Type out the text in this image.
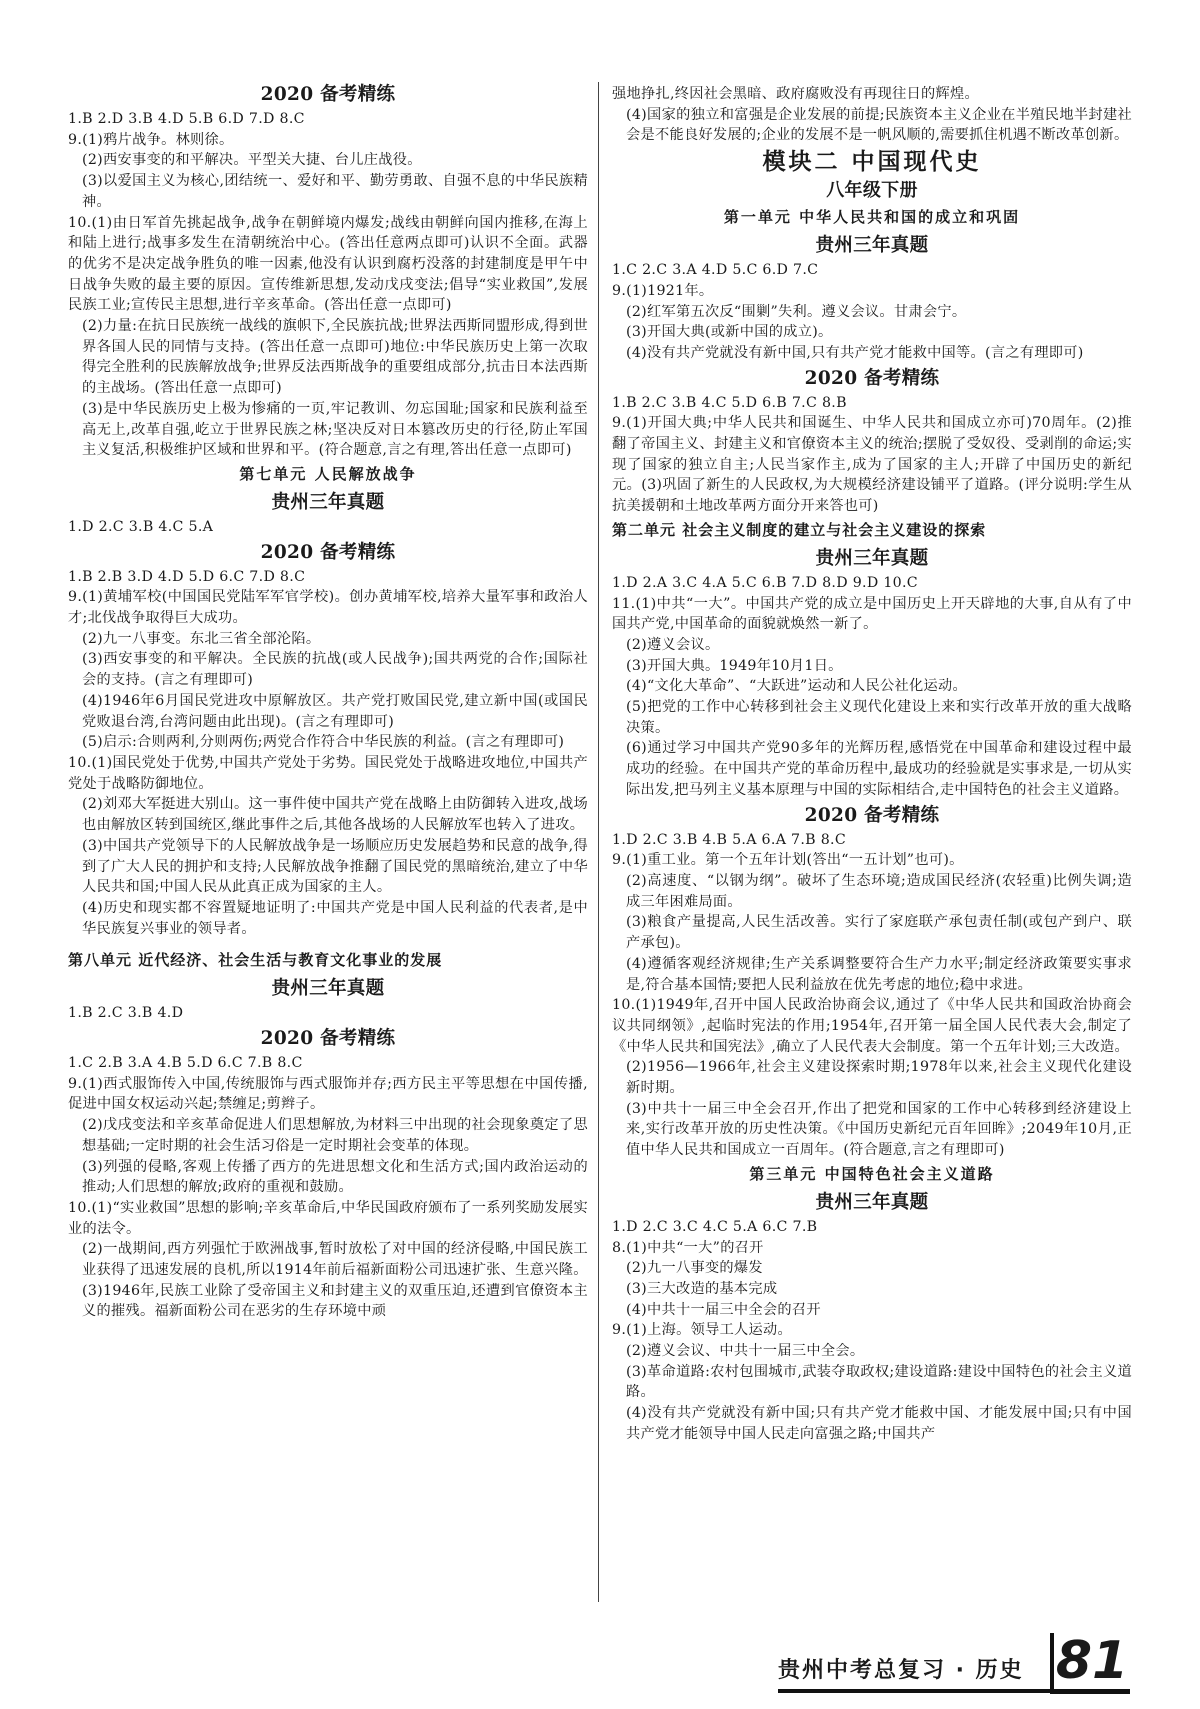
2020 备考精练
1.B 2.D 3.B 4.D 5.B 6.D 7.D 8.C
9.(1)鸦片战争。林则徐。
(2)西安事变的和平解决。平型关大捷、台儿庄战役。
(3)以爱国主义为核心,团结统一、爱好和平、勤劳勇敢、自强不息的中华民族精神。
10.(1)由日军首先挑起战争,战争在朝鲜境内爆发;战线由朝鲜向国内推移,在海上和陆上进行;战事多发生在清朝统治中心。(答出任意两点即可)认识不全面。武器的优劣不是决定战争胜负的唯一因素,他没有认识到腐朽没落的封建制度是甲午中日战争失败的最主要的原因。宣传维新思想,发动戊戌变法;倡导“实业救国”,发展民族工业;宣传民主思想,进行辛亥革命。(答出任意一点即可)
(2)力量:在抗日民族统一战线的旗帜下,全民族抗战;世界法西斯同盟形成,得到世界各国人民的同情与支持。(答出任意一点即可)地位:中华民族历史上第一次取得完全胜利的民族解放战争;世界反法西斯战争的重要组成部分,抗击日本法西斯的主战场。(答出任意一点即可)
(3)是中华民族历史上极为惨痛的一页,牢记教训、勿忘国耻;国家和民族利益至高无上,改革自强,屹立于世界民族之林;坚决反对日本篡改历史的行径,防止军国主义复活,积极维护区域和世界和平。(符合题意,言之有理,答出任意一点即可)
第七单元 人民解放战争
贵州三年真题
1.D 2.C 3.B 4.C 5.A
2020 备考精练
1.B 2.B 3.D 4.D 5.D 6.C 7.D 8.C
9.(1)黄埔军校(中国国民党陆军军官学校)。创办黄埔军校,培养大量军事和政治人才;北伐战争取得巨大成功。
(2)九一八事变。东北三省全部沦陷。
(3)西安事变的和平解决。全民族的抗战(或人民战争);国共两党的合作;国际社会的支持。(言之有理即可)
(4)1946年6月国民党进攻中原解放区。共产党打败国民党,建立新中国(或国民党败退台湾,台湾问题由此出现)。(言之有理即可)
(5)启示:合则两利,分则两伤;两党合作符合中华民族的利益。(言之有理即可)
10.(1)国民党处于优势,中国共产党处于劣势。国民党处于战略进攻地位,中国共产党处于战略防御地位。
(2)刘邓大军挺进大别山。这一事件使中国共产党在战略上由防御转入进攻,战场也由解放区转到国统区,继此事件之后,其他各战场的人民解放军也转入了进攻。
(3)中国共产党领导下的人民解放战争是一场顺应历史发展趋势和民意的战争,得到了广大人民的拥护和支持;人民解放战争推翻了国民党的黑暗统治,建立了中华人民共和国;中国人民从此真正成为国家的主人。
(4)历史和现实都不容置疑地证明了:中国共产党是中国人民利益的代表者,是中华民族复兴事业的领导者。
第八单元 近代经济、社会生活与教育文化事业的发展
贵州三年真题
1.B 2.C 3.B 4.D
2020 备考精练
1.C 2.B 3.A 4.B 5.D 6.C 7.B 8.C
9.(1)西式服饰传入中国,传统服饰与西式服饰并存;西方民主平等思想在中国传播,促进中国女权运动兴起;禁缠足;剪辫子。
(2)戊戌变法和辛亥革命促进人们思想解放,为材料三中出现的社会现象奠定了思想基础;一定时期的社会生活习俗是一定时期社会变革的体现。
(3)列强的侵略,客观上传播了西方的先进思想文化和生活方式;国内政治运动的推动;人们思想的解放;政府的重视和鼓励。
10.(1)“实业救国”思想的影响;辛亥革命后,中华民国政府颁布了一系列奖励发展实业的法令。
(2)一战期间,西方列强忙于欧洲战事,暂时放松了对中国的经济侵略,中国民族工业获得了迅速发展的良机,所以1914年前后福新面粉公司迅速扩张、生意兴隆。
(3)1946年,民族工业除了受帝国主义和封建主义的双重压迫,还遭到官僚资本主义的摧残。福新面粉公司在恶劣的生存环境中顽
强地挣扎,终因社会黑暗、政府腐败没有再现往日的辉煌。
(4)国家的独立和富强是企业发展的前提;民族资本主义企业在半殖民地半封建社会是不能良好发展的;企业的发展不是一帆风顺的,需要抓住机遇不断改革创新。
模块二 中国现代史
八年级下册
第一单元 中华人民共和国的成立和巩固
贵州三年真题
1.C 2.C 3.A 4.D 5.C 6.D 7.C
9.(1)1921年。
(2)红军第五次反“围剿”失利。遵义会议。甘肃会宁。
(3)开国大典(或新中国的成立)。
(4)没有共产党就没有新中国,只有共产党才能救中国等。(言之有理即可)
2020 备考精练
1.B 2.C 3.B 4.C 5.D 6.B 7.C 8.B
9.(1)开国大典;中华人民共和国诞生、中华人民共和国成立亦可)70周年。(2)推翻了帝国主义、封建主义和官僚资本主义的统治;摆脱了受奴役、受剥削的命运;实现了国家的独立自主;人民当家作主,成为了国家的主人;开辟了中国历史的新纪元。(3)巩固了新生的人民政权,为大规模经济建设铺平了道路。(评分说明:学生从抗美援朝和土地改革两方面分开来答也可)
第二单元 社会主义制度的建立与社会主义建设的探索
贵州三年真题
1.D 2.A 3.C 4.A 5.C 6.B 7.D 8.D 9.D 10.C
11.(1)中共“一大”。中国共产党的成立是中国历史上开天辟地的大事,自从有了中国共产党,中国革命的面貌就焕然一新了。
(2)遵义会议。
(3)开国大典。1949年10月1日。
(4)“文化大革命”、“大跃进”运动和人民公社化运动。
(5)把党的工作中心转移到社会主义现代化建设上来和实行改革开放的重大战略决策。
(6)通过学习中国共产党90多年的光辉历程,感悟党在中国革命和建设过程中最成功的经验。在中国共产党的革命历程中,最成功的经验就是实事求是,一切从实际出发,把马列主义基本原理与中国的实际相结合,走中国特色的社会主义道路。
2020 备考精练
1.D 2.C 3.B 4.B 5.A 6.A 7.B 8.C
9.(1)重工业。第一个五年计划(答出“一五计划”也可)。
(2)高速度、“以钢为纲”。破坏了生态环境;造成国民经济(农轻重)比例失调;造成三年困难局面。
(3)粮食产量提高,人民生活改善。实行了家庭联产承包责任制(或包产到户、联产承包)。
(4)遵循客观经济规律;生产关系调整要符合生产力水平;制定经济政策要实事求是,符合基本国情;要把人民利益放在优先考虑的地位;稳中求进。
10.(1)1949年,召开中国人民政治协商会议,通过了《中华人民共和国政治协商会议共同纲领》,起临时宪法的作用;1954年,召开第一届全国人民代表大会,制定了《中华人民共和国宪法》,确立了人民代表大会制度。第一个五年计划;三大改造。
(2)1956—1966年,社会主义建设探索时期;1978年以来,社会主义现代化建设新时期。
(3)中共十一届三中全会召开,作出了把党和国家的工作中心转移到经济建设上来,实行改革开放的历史性决策。《中国历史新纪元百年回眸》;2049年10月,正值中华人民共和国成立一百周年。(符合题意,言之有理即可)
第三单元 中国特色社会主义道路
贵州三年真题
1.D 2.C 3.C 4.C 5.A 6.C 7.B
8.(1)中共“一大”的召开
(2)九一八事变的爆发
(3)三大改造的基本完成
(4)中共十一届三中全会的召开
9.(1)上海。领导工人运动。
(2)遵义会议、中共十一届三中全会。
(3)革命道路:农村包围城市,武装夺取政权;建设道路:建设中国特色的社会主义道路。
(4)没有共产党就没有新中国;只有共产党才能救中国、才能发展中国;只有中国共产党才能领导中国人民走向富强之路;中国共产
贵州中考总复习 · 历史 81
